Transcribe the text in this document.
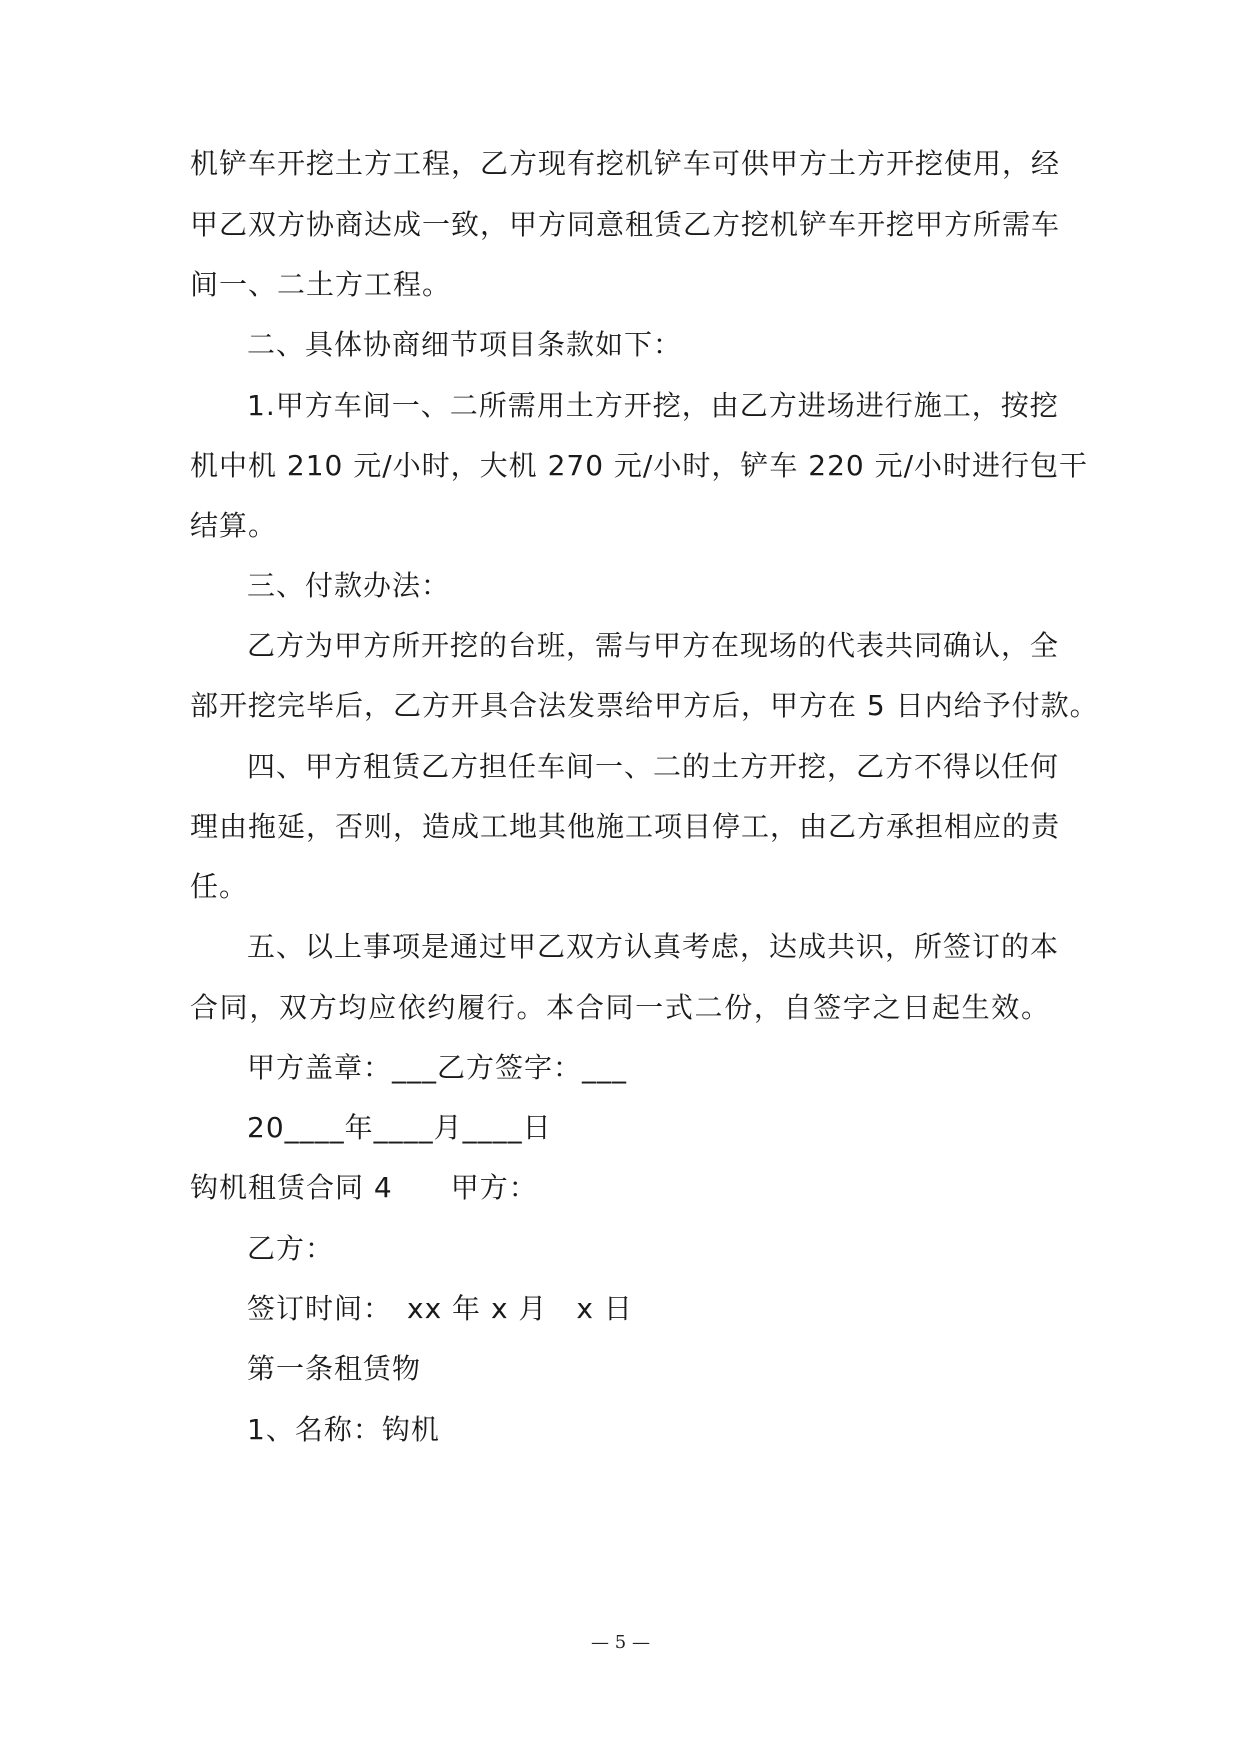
机铲车开挖土方工程，乙方现有挖机铲车可供甲方土方开挖使用，经
甲乙双方协商达成一致，甲方同意租赁乙方挖机铲车开挖甲方所需车
间一、二土方工程。
二、具体协商细节项目条款如下：
1.甲方车间一、二所需用土方开挖，由乙方进场进行施工，按挖
机中机 210 元/小时，大机 270 元/小时，铲车 220 元/小时进行包干
结算。
三、付款办法：
乙方为甲方所开挖的台班，需与甲方在现场的代表共同确认，全
部开挖完毕后，乙方开具合法发票给甲方后，甲方在 5 日内给予付款。
四、甲方租赁乙方担任车间一、二的土方开挖，乙方不得以任何
理由拖延，否则，造成工地其他施工项目停工，由乙方承担相应的责
任。
五、以上事项是通过甲乙双方认真考虑，达成共识，所签订的本
合同，双方均应依约履行。本合同一式二份，自签字之日起生效。
甲方盖章：___乙方签字：___
20____年____月____日
钩机租赁合同 4　　甲方：
乙方：
签订时间：　xx 年 x 月　x 日
第一条租赁物
1、名称：钩机
— 5 —
